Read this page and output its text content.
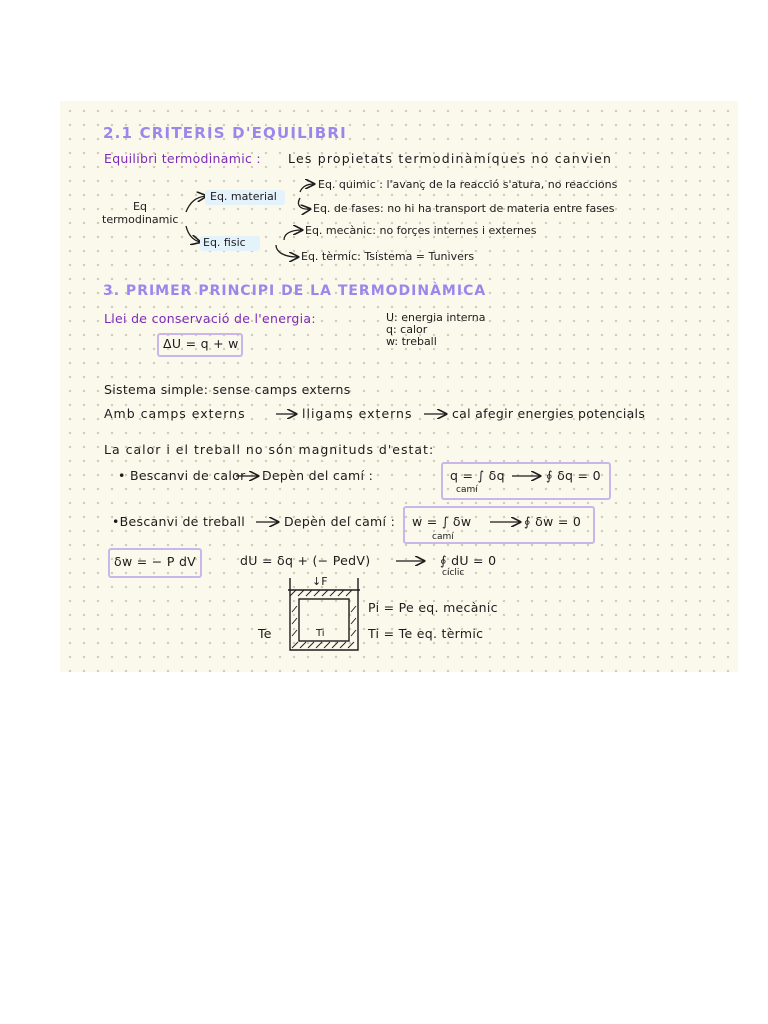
2.1 CRITERIS D'EQUILIBRI
Equilibri termodinamic : Les propietats termodinàmiques no canvien
Eq
termodinamic
Eq. material
Eq. fisic
Eq. quimic : l'avanç de la reacció s'atura, no reaccions
Eq. de fases: no hi ha transport de materia entre fases
Eq. mecànic: no forçes internes i externes
Eq. tèrmic: Tsistema = Tunivers
3. PRIMER PRINCIPI DE LA TERMODINÀMICA
Llei de conservació de l'energia:
ΔU = q + w
U: energia interna
q: calor
w: treball
Sistema simple: sense camps externs
Amb camps externs	lligams externs	cal afegir energies potencials
La calor i el treball no són magnituds d'estat:
• Bescanvi de calor Depèn del camí :	q = ∫ δq	∮ δq = 0
camí
•Bescanvi de treball	Depèn del camí : w = ∫ δw	∮ δw = 0
camí
δw = − P dV	dU = δq + (− PedV)	∮ dU = 0
cíclic
↓F
Te	Ti
Pi = Pe eq. mecànic
Ti = Te eq. tèrmic
